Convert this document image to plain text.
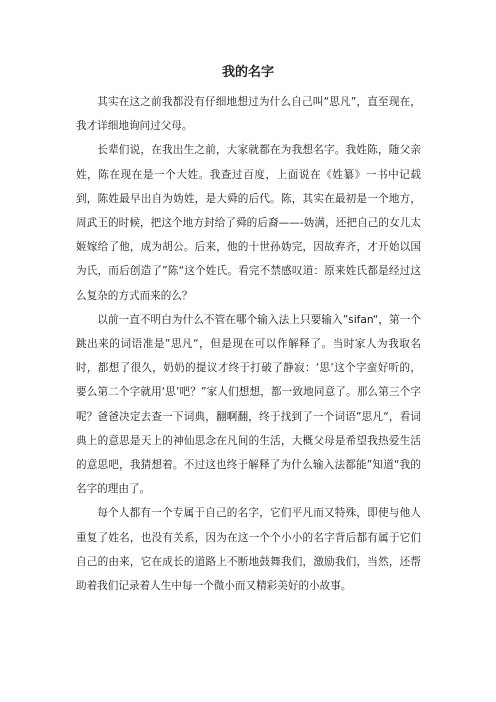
我的名字

其实在这之前我都没有仔细地想过为什么自己叫“思凡”，直至现在，我才详细地询问过父母。

长辈们说，在我出生之前，大家就都在为我想名字。我姓陈，随父亲姓，陈在现在是一个大姓。我查过百度，上面说在《姓纂》一书中记载到，陈姓最早出自为妫姓，是大舜的后代。陈，其实在最初是一个地方，周武王的时候，把这个地方封给了舜的后裔——-妫满，还把自己的女儿太姬嫁给了他，成为胡公。后来，他的十世孙妫完，因故弃齐，才开始以国为氏，而后创造了”陈“这个姓氏。看完不禁感叹道：原来姓氏都是经过这么复杂的方式而来的么？

以前一直不明白为什么不管在哪个输入法上只要输入”sifan“，第一个跳出来的词语准是”思凡“，但是现在可以作解释了。当时家人为我取名时，都想了很久，奶奶的提议才终于打破了静寂：‘思’这个字蛮好听的，要么第二个字就用‘思’吧？”家人们想想，都一致地同意了。那么第三个字呢？爸爸决定去查一下词典，翻啊翻，终于找到了一个词语”思凡“，看词典上的意思是天上的神仙思念在凡间的生活，大概父母是希望我热爱生活的意思吧，我猜想着。不过这也终于解释了为什么输入法都能”知道“我的名字的理由了。

每个人都有一个专属于自己的名字，它们平凡而又特殊，即使与他人重复了姓名，也没有关系，因为在这一个个小小的名字背后都有属于它们自己的由来，它在成长的道路上不断地鼓舞我们，激励我们，当然，还帮助着我们记录着人生中每一个微小而又精彩美好的小故事。
